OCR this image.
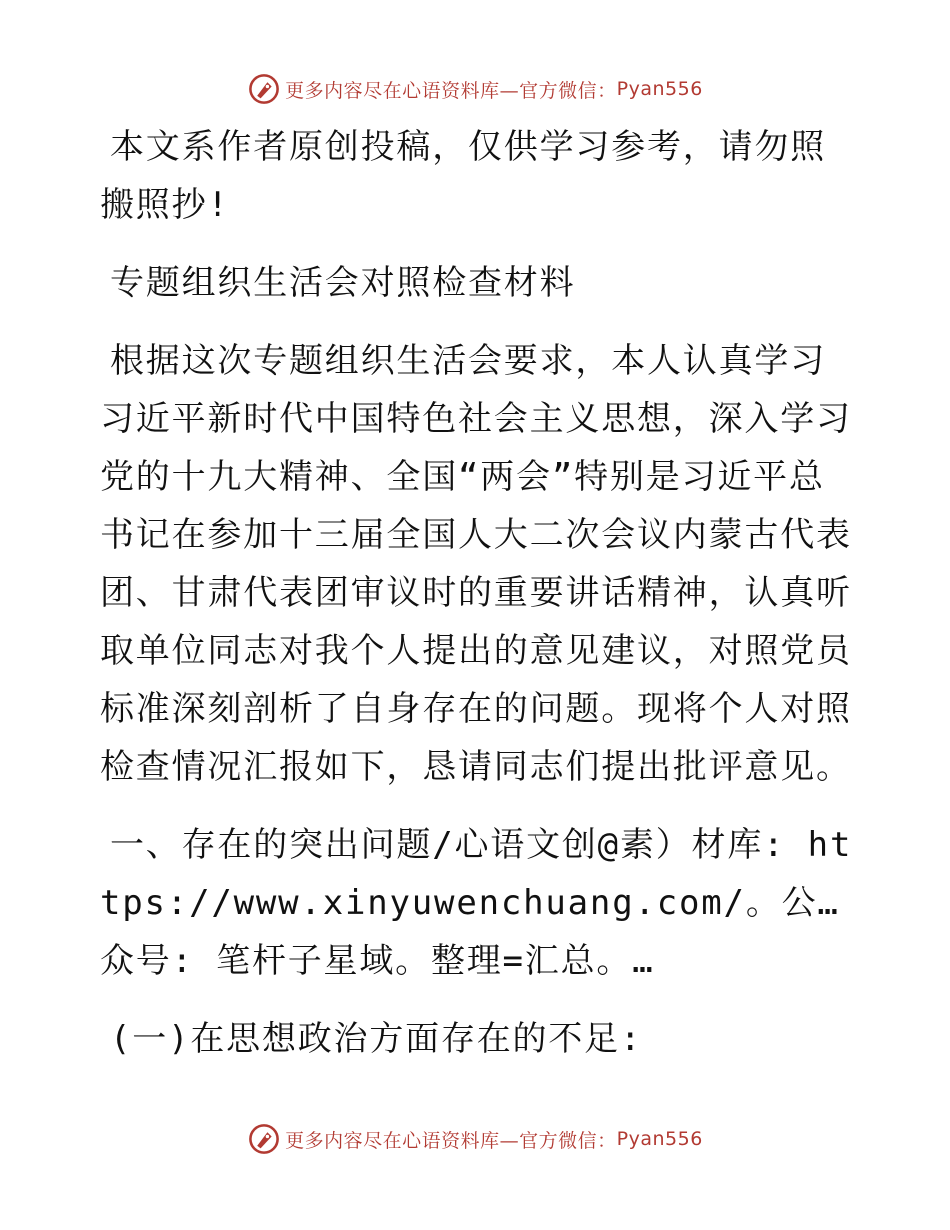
更多内容尽在心语资料库—官方微信： Pyan556

本文系作者原创投稿，仅供学习参考，请勿照搬照抄!

专题组织生活会对照检查材料

根据这次专题组织生活会要求，本人认真学习习近平新时代中国特色社会主义思想，深入学习党的十九大精神、全国“两会”特别是习近平总书记在参加十三届全国人大二次会议内蒙古代表团、甘肃代表团审议时的重要讲话精神，认真听取单位同志对我个人提出的意见建议，对照党员标准深刻剖析了自身存在的问题。现将个人对照检查情况汇报如下，恳请同志们提出批评意见。

一、存在的突出问题/心语文创@素）材库: https://www.xinyuwenchuang.com/。公…众号: 笔杆子星域。整理=汇总。…

(一)在思想政治方面存在的不足:

更多内容尽在心语资料库—官方微信： Pyan556
